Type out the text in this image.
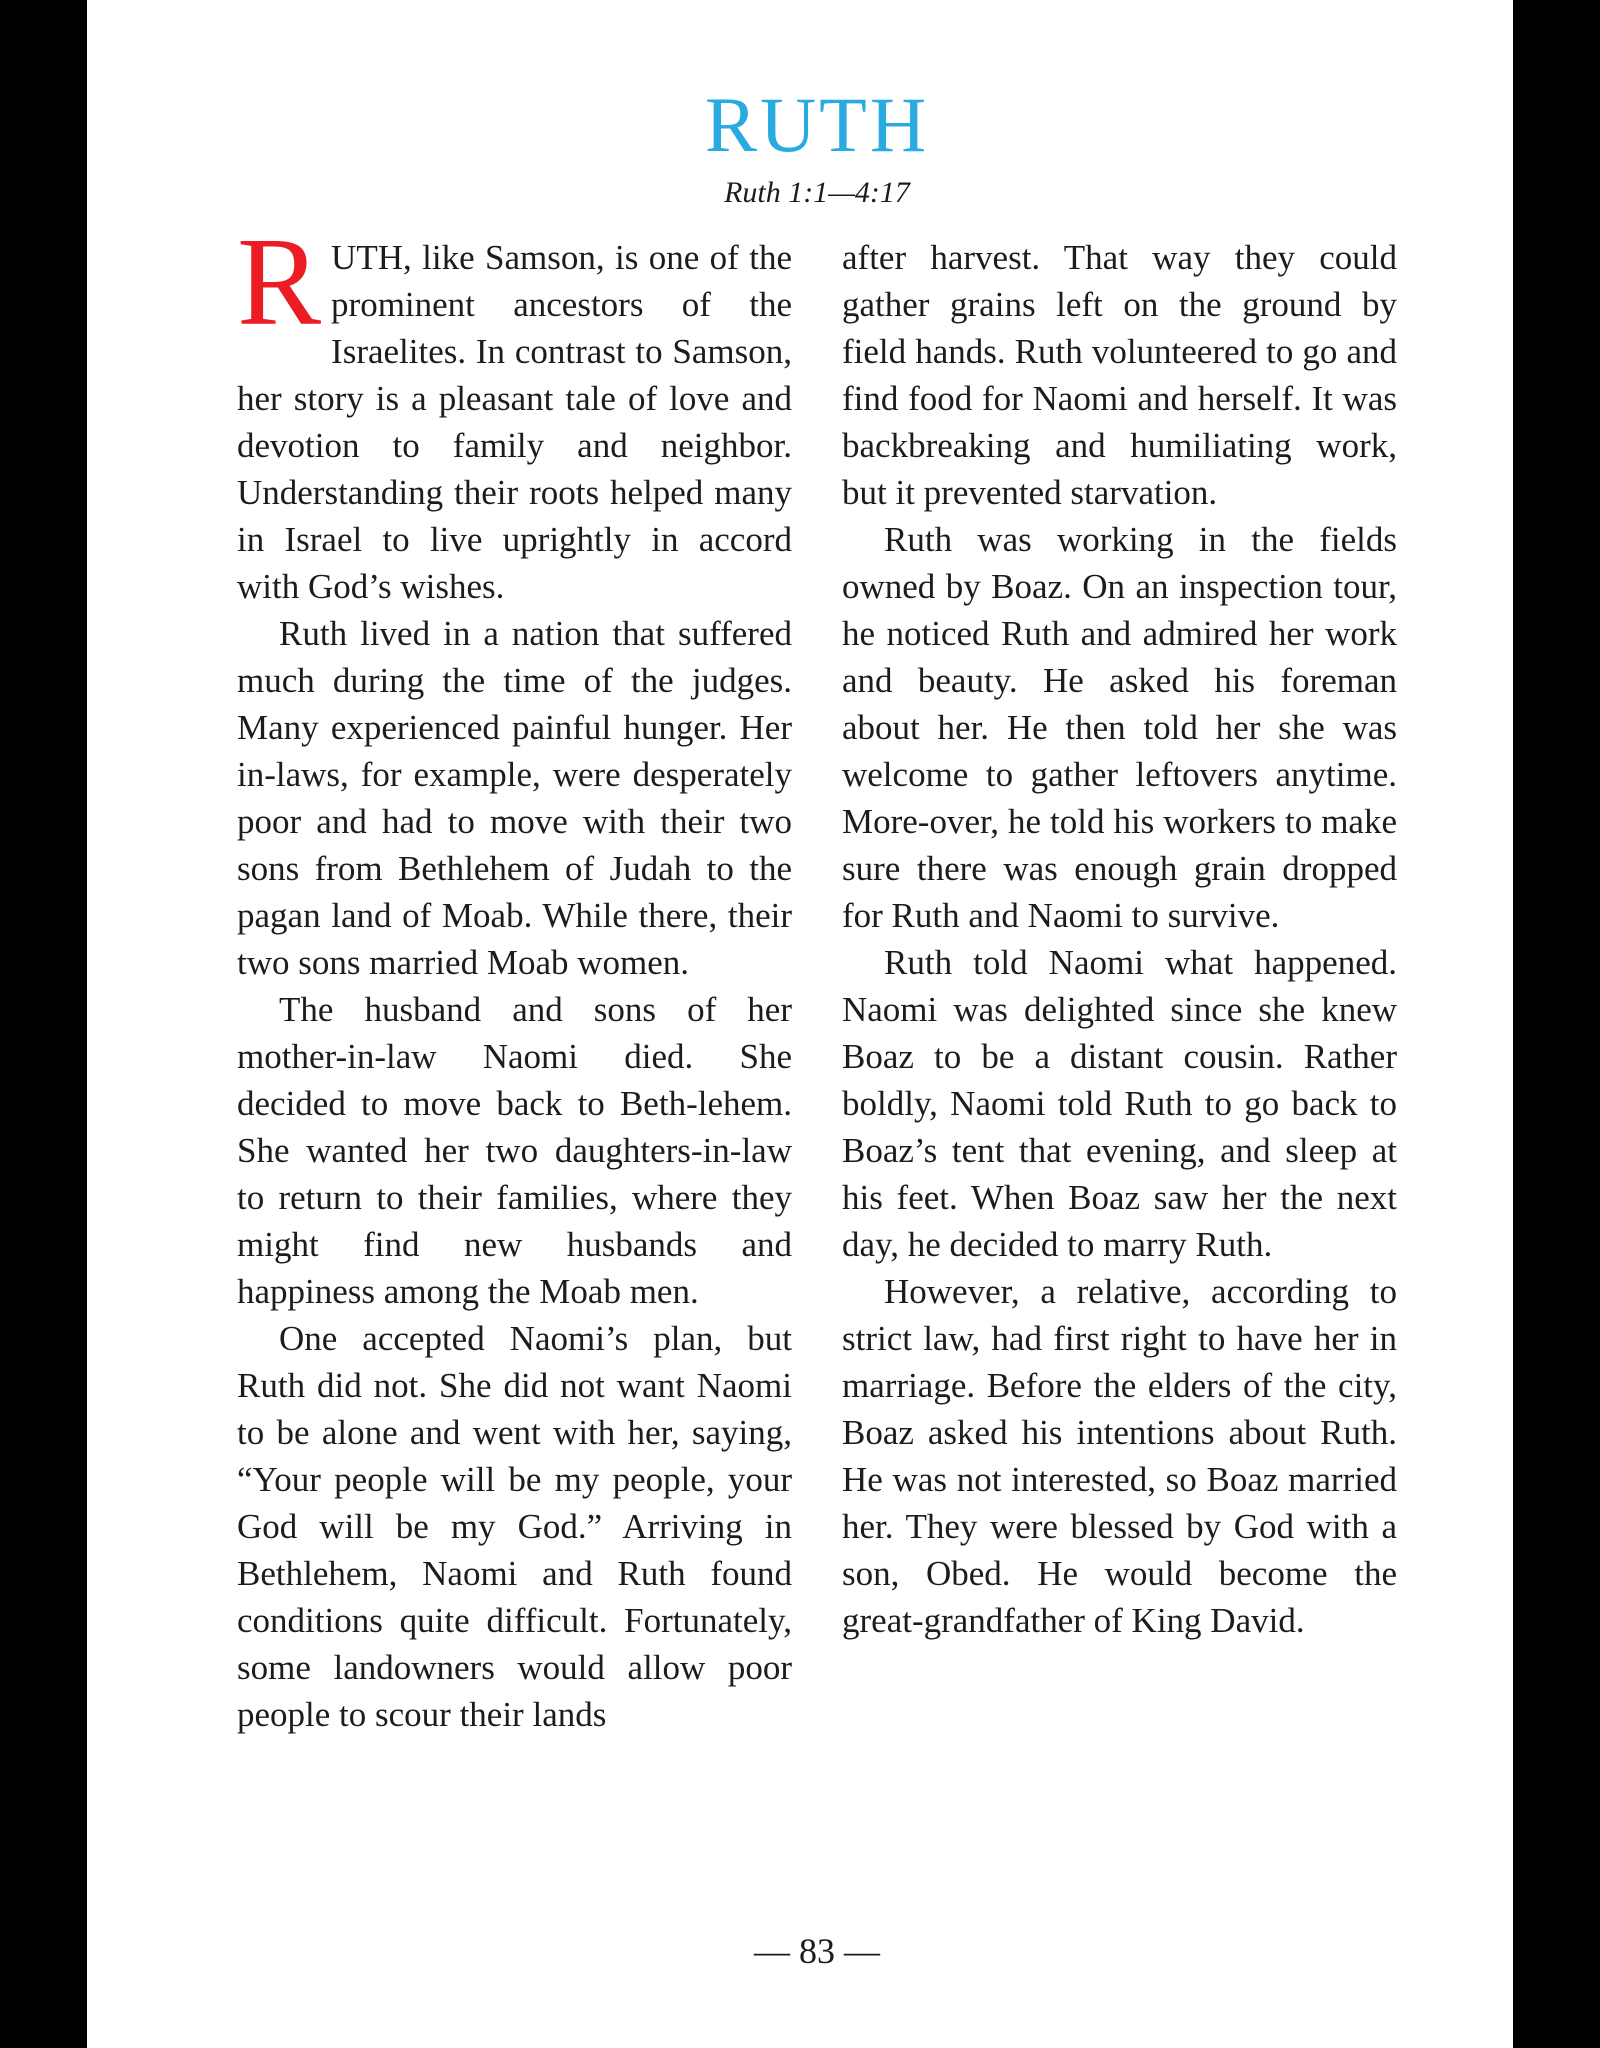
RUTH
Ruth 1:1—4:17

RUTH, like Samson, is one of the prominent ancestors of the Israelites. In contrast to Samson, her story is a pleasant tale of love and devotion to family and neighbor. Understanding their roots helped many in Israel to live uprightly in accord with God’s wishes.

Ruth lived in a nation that suffered much during the time of the judges. Many experienced painful hunger. Her in-laws, for example, were desperately poor and had to move with their two sons from Bethlehem of Judah to the pagan land of Moab. While there, their two sons married Moab women.

The husband and sons of her mother-in-law Naomi died. She decided to move back to Beth-lehem. She wanted her two daughters-in-law to return to their families, where they might find new husbands and happiness among the Moab men.

One accepted Naomi’s plan, but Ruth did not. She did not want Naomi to be alone and went with her, saying, “Your people will be my people, your God will be my God.” Arriving in Bethlehem, Naomi and Ruth found conditions quite difficult. Fortunately, some landowners would allow poor people to scour their lands

after harvest. That way they could gather grains left on the ground by field hands. Ruth volunteered to go and find food for Naomi and herself. It was backbreaking and humiliating work, but it prevented starvation.

Ruth was working in the fields owned by Boaz. On an inspection tour, he noticed Ruth and admired her work and beauty. He asked his foreman about her. He then told her she was welcome to gather leftovers anytime. More-over, he told his workers to make sure there was enough grain dropped for Ruth and Naomi to survive.

Ruth told Naomi what happened. Naomi was delighted since she knew Boaz to be a distant cousin. Rather boldly, Naomi told Ruth to go back to Boaz’s tent that evening, and sleep at his feet. When Boaz saw her the next day, he decided to marry Ruth.

However, a relative, according to strict law, had first right to have her in marriage. Before the elders of the city, Boaz asked his intentions about Ruth. He was not interested, so Boaz married her. They were blessed by God with a son, Obed. He would become the great-grandfather of King David.

— 83 —
